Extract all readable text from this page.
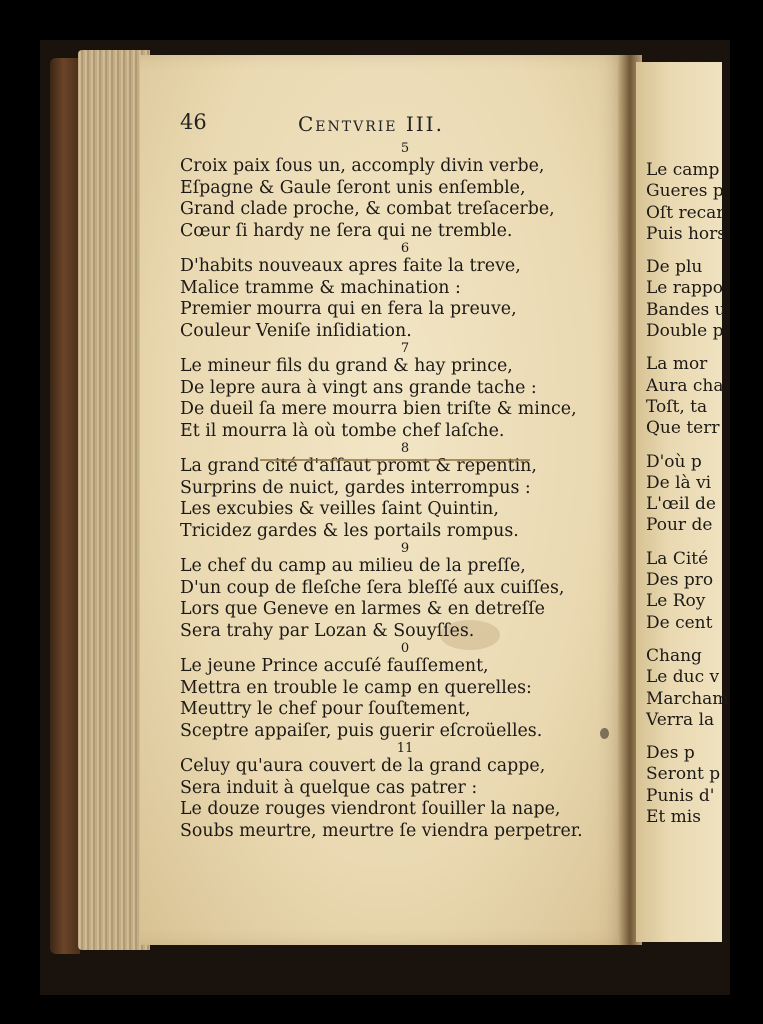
46	Centvrie III.
5
Croix paix ſous un, accomply divin verbe,
Eſpagne & Gaule ſeront unis enſemble,
Grand clade proche, & combat treſacerbe,
Cœur ſi hardy ne ſera qui ne tremble.
6
D'habits nouveaux apres faite la treve,
Malice tramme & machination :
Premier mourra qui en fera la preuve,
Couleur Veniſe inſidiation.
7
Le mineur fils du grand & hay prince,
De lepre aura à vingt ans grande tache :
De dueil ſa mere mourra bien triſte & mince,
Et il mourra là où tombe chef laſche.
8
La grand cité d'aſſaut promt & repentin,
Surprins de nuict, gardes interrompus :
Les excubies & veilles ſaint Quintin,
Tricidez gardes & les portails rompus.
9
Le chef du camp au milieu de la preſſe,
D'un coup de fleſche ſera bleſſé aux cuiſſes,
Lors que Geneve en larmes & en detreſſe
Sera trahy par Lozan & Souyſſes.
0
Le jeune Prince accuſé fauſſement,
Mettra en trouble le camp en querelles:
Meuttry le chef pour ſouſtement,
Sceptre appaiſer, puis guerir eſcroüelles.
11
Celuy qu'aura couvert de la grand cappe,
Sera induit à quelque cas patrer :
Le douze rouges viendront ſouiller la nape,
Soubs meurtre, meurtre ſe viendra perpetrer.
Le camp
Gueres p
Oſt recar
Puis hors
De plu
Le rappo
Bandes u
Double p
La mor
Aura cha
Toſt, ta
Que terr
D'où p
De là vi
L'œil de
Pour de
La Cité
Des pro
Le Roy
De cent
Chang
Le duc v
Marcham
Verra la
Des p
Seront p
Punis d'
Et mis
